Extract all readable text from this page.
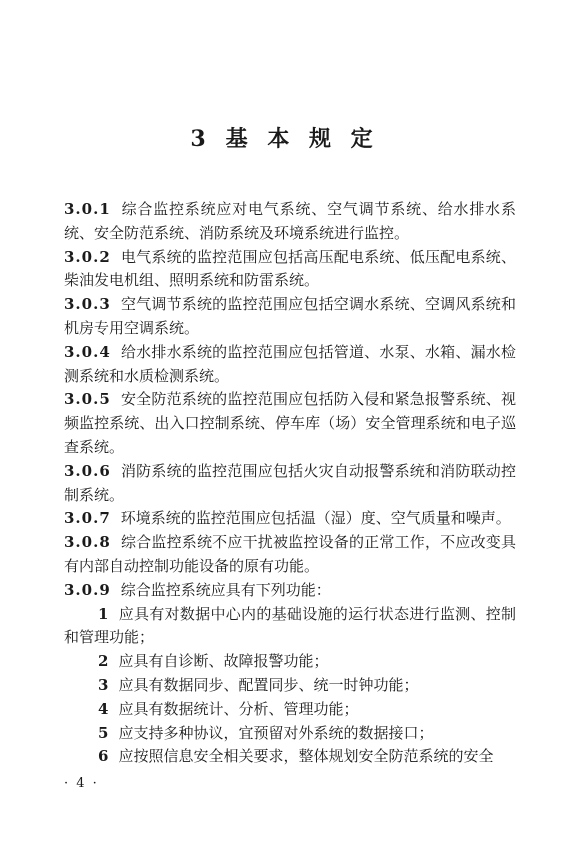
3 基 本 规 定

3.0.1 综合监控系统应对电气系统、空气调节系统、给水排水系统、安全防范系统、消防系统及环境系统进行监控。

3.0.2 电气系统的监控范围应包括高压配电系统、低压配电系统、柴油发电机组、照明系统和防雷系统。

3.0.3 空气调节系统的监控范围应包括空调水系统、空调风系统和机房专用空调系统。

3.0.4 给水排水系统的监控范围应包括管道、水泵、水箱、漏水检测系统和水质检测系统。

3.0.5 安全防范系统的监控范围应包括防入侵和紧急报警系统、视频监控系统、出入口控制系统、停车库（场）安全管理系统和电子巡查系统。

3.0.6 消防系统的监控范围应包括火灾自动报警系统和消防联动控制系统。

3.0.7 环境系统的监控范围应包括温（湿）度、空气质量和噪声。

3.0.8 综合监控系统不应干扰被监控设备的正常工作，不应改变具有内部自动控制功能设备的原有功能。

3.0.9 综合监控系统应具有下列功能：

1 应具有对数据中心内的基础设施的运行状态进行监测、控制和管理功能；

2 应具有自诊断、故障报警功能；

3 应具有数据同步、配置同步、统一时钟功能；

4 应具有数据统计、分析、管理功能；

5 应支持多种协议，宜预留对外系统的数据接口；

6 应按照信息安全相关要求，整体规划安全防范系统的安全

· 4 ·
